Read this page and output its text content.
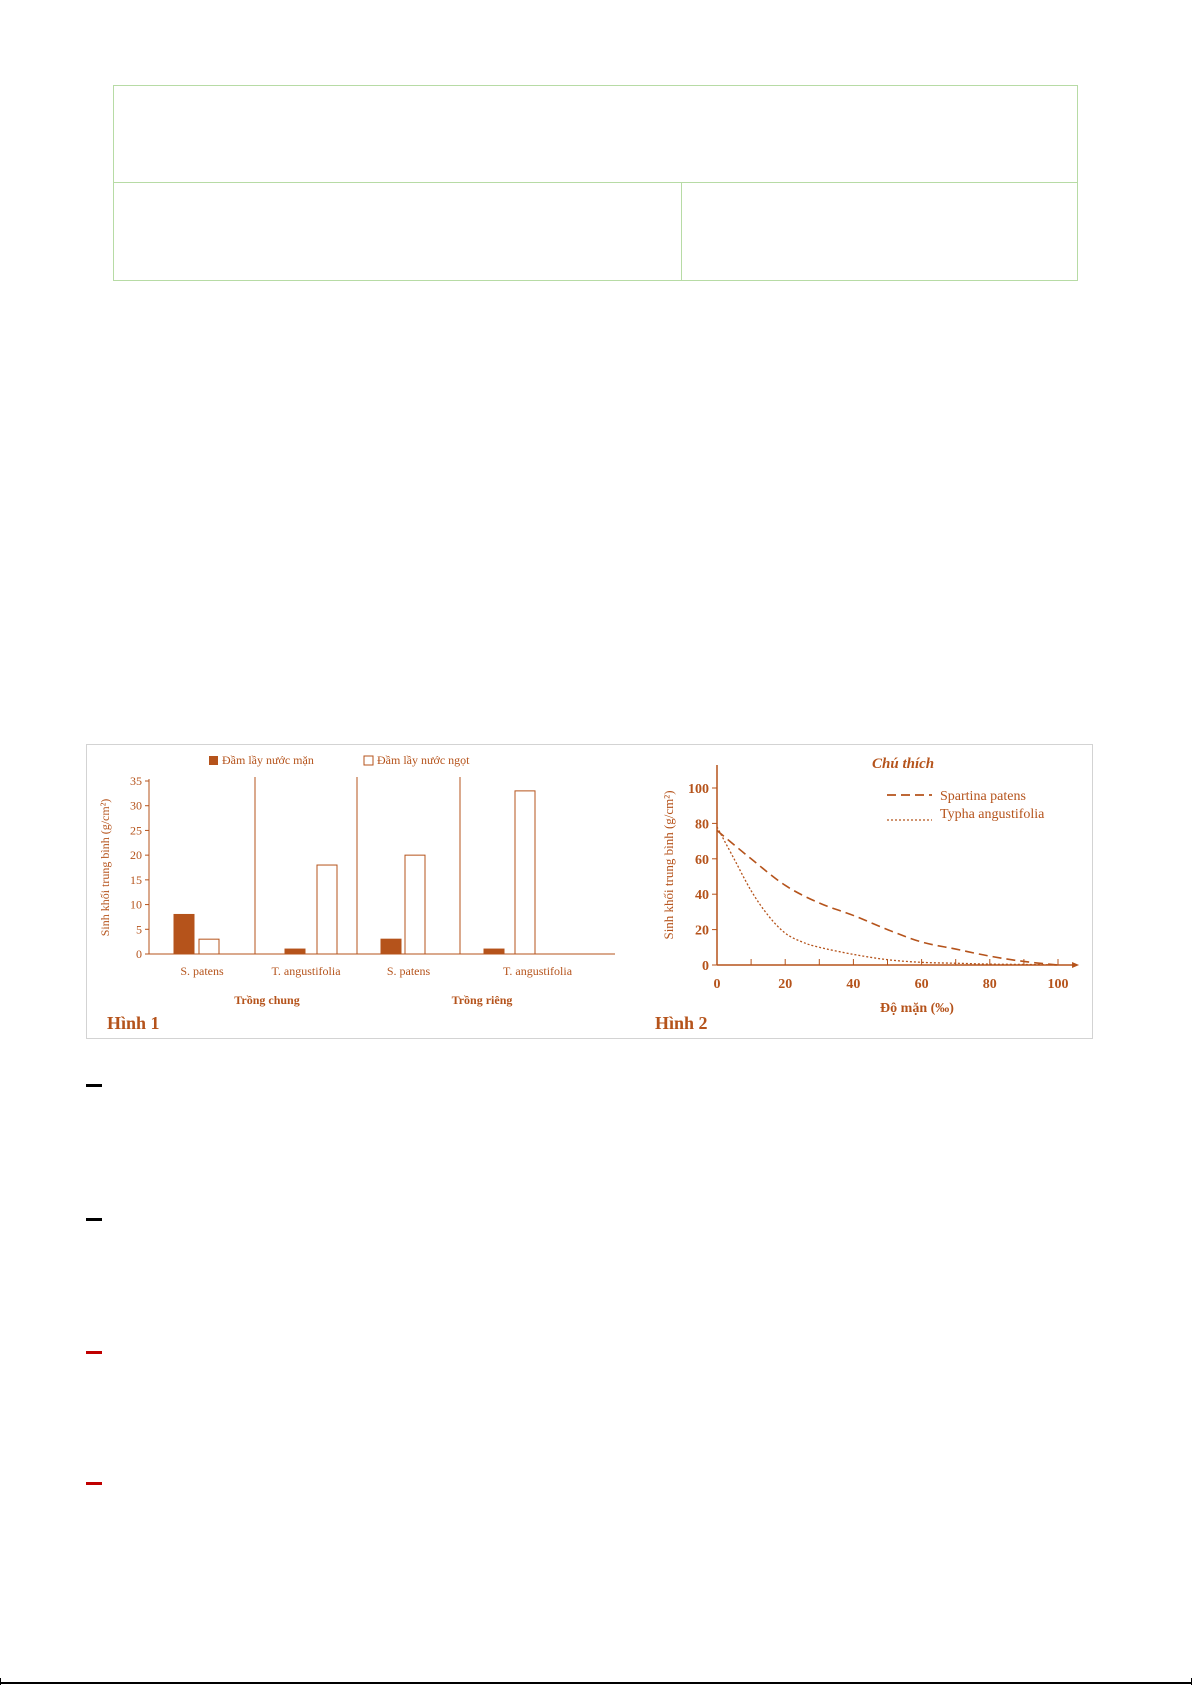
Đầm lầy nước mặn	Đầm lầy nước ngọt
0
5
10
15
20
25
30
35
Sinh khối trung bình (g/cm²)
S. patens	T. angustifolia	S. patens	T. angustifolia
Trồng chung	Trồng riêng
Hình 1
0
20
40
60
80
100
0	20	40	60	80	100
Sinh khối trung bình (g/cm²)
Độ mặn (‰)
Chú thích
Spartina patens
Typha angustifolia
Hình 2
